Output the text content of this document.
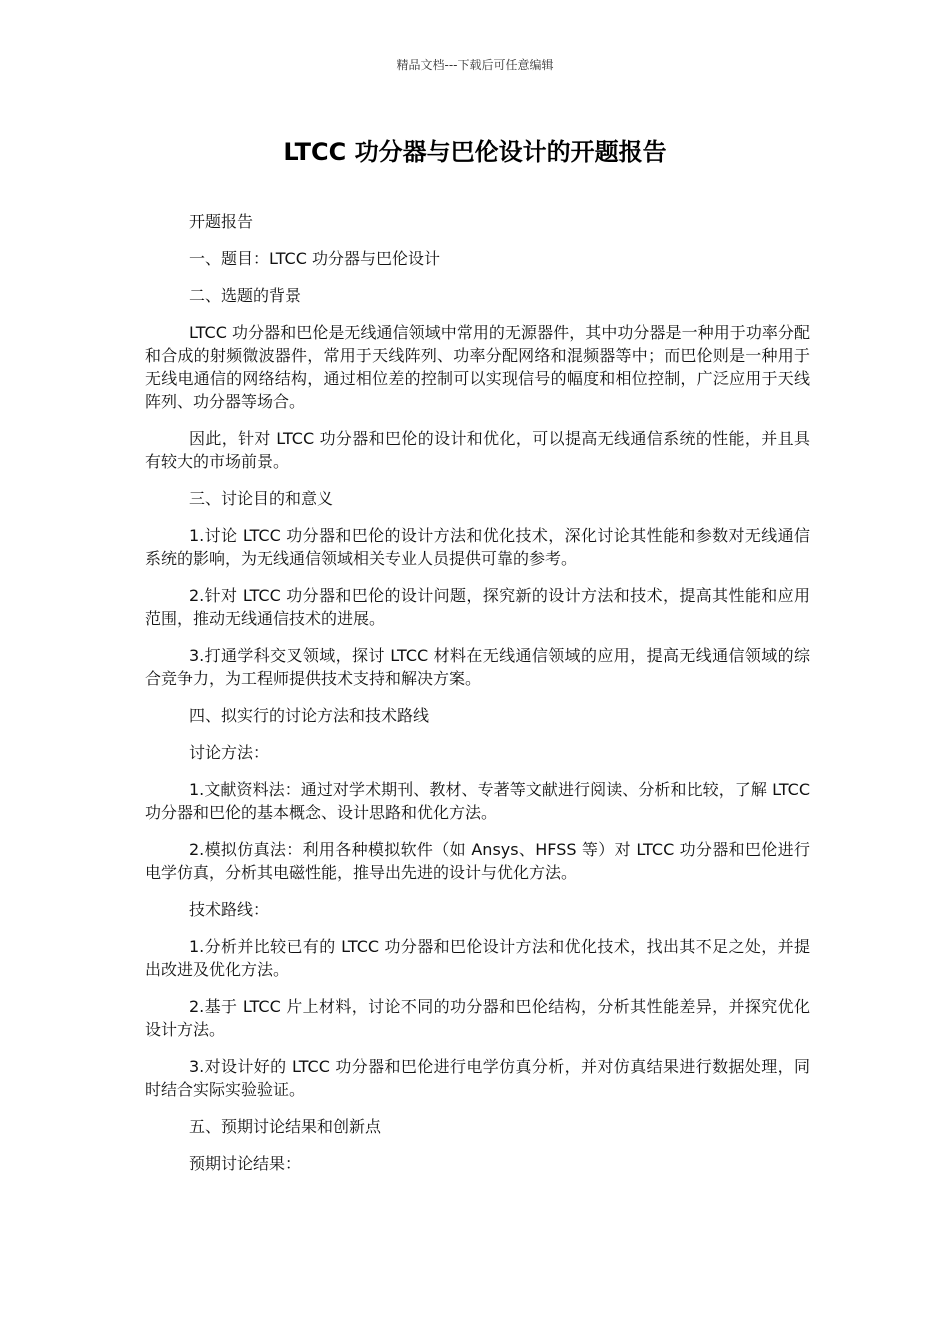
精品文档---下载后可任意编辑
LTCC 功分器与巴伦设计的开题报告

开题报告

一、题目：LTCC 功分器与巴伦设计

二、选题的背景

LTCC 功分器和巴伦是无线通信领域中常用的无源器件，其中功分器是一种用于功率分配和合成的射频微波器件，常用于天线阵列、功率分配网络和混频器等中；而巴伦则是一种用于无线电通信的网络结构，通过相位差的控制可以实现信号的幅度和相位控制，广泛应用于天线阵列、功分器等场合。

因此，针对 LTCC 功分器和巴伦的设计和优化，可以提高无线通信系统的性能，并且具有较大的市场前景。

三、讨论目的和意义

1.讨论 LTCC 功分器和巴伦的设计方法和优化技术，深化讨论其性能和参数对无线通信系统的影响，为无线通信领域相关专业人员提供可靠的参考。

2.针对 LTCC 功分器和巴伦的设计问题，探究新的设计方法和技术，提高其性能和应用范围，推动无线通信技术的进展。

3.打通学科交叉领域，探讨 LTCC 材料在无线通信领域的应用，提高无线通信领域的综合竞争力，为工程师提供技术支持和解决方案。

四、拟实行的讨论方法和技术路线

讨论方法：

1.文献资料法：通过对学术期刊、教材、专著等文献进行阅读、分析和比较，了解 LTCC 功分器和巴伦的基本概念、设计思路和优化方法。

2.模拟仿真法：利用各种模拟软件（如 Ansys、HFSS 等）对 LTCC 功分器和巴伦进行电学仿真，分析其电磁性能，推导出先进的设计与优化方法。

技术路线：

1.分析并比较已有的 LTCC 功分器和巴伦设计方法和优化技术，找出其不足之处，并提出改进及优化方法。

2.基于 LTCC 片上材料，讨论不同的功分器和巴伦结构，分析其性能差异，并探究优化设计方法。

3.对设计好的 LTCC 功分器和巴伦进行电学仿真分析，并对仿真结果进行数据处理，同时结合实际实验验证。

五、预期讨论结果和创新点

预期讨论结果：
